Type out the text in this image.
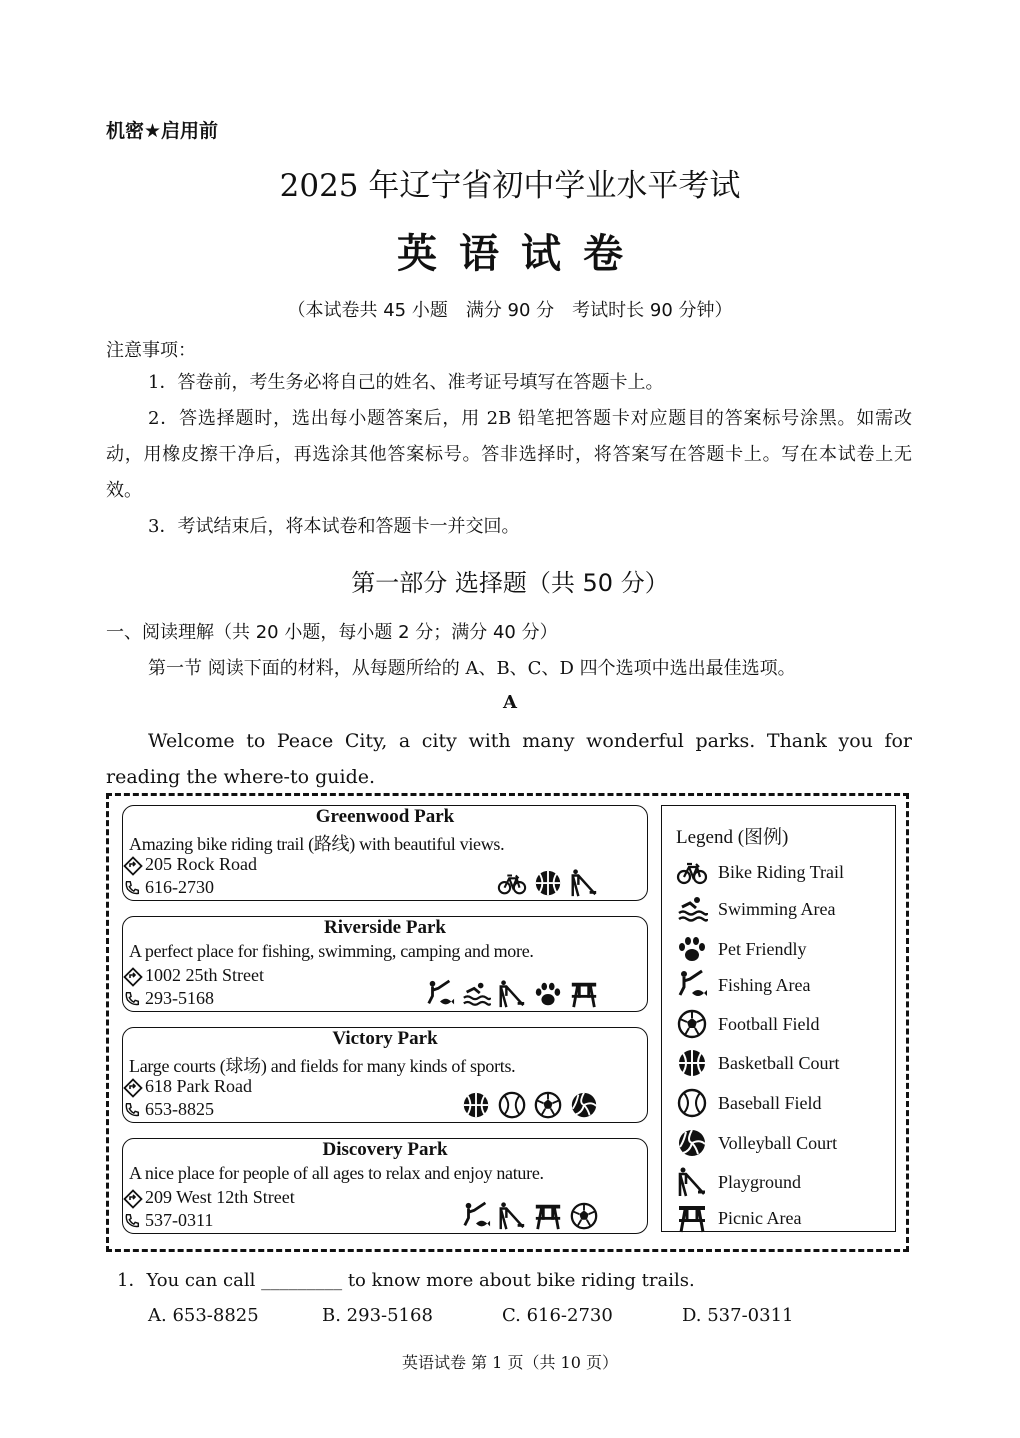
机密★启用前
2025 年辽宁省初中学业水平考试
英语试卷
（本试卷共 45 小题　满分 90 分　考试时长 90 分钟）
注意事项：
1．答卷前，考生务必将自己的姓名、准考证号填写在答题卡上。
2．答选择题时，选出每小题答案后，用 2B 铅笔把答题卡对应题目的答案标号涂黑。如需改动，用橡皮擦干净后，再选涂其他答案标号。答非选择时，将答案写在答题卡上。写在本试卷上无效。
3．考试结束后，将本试卷和答题卡一并交回。
第一部分 选择题（共 50 分）
一、阅读理解（共 20 小题，每小题 2 分；满分 40 分）
第一节 阅读下面的材料，从每题所给的 A、B、C、D 四个选项中选出最佳选项。
A
Welcome to Peace City, a city with many wonderful parks. Thank you for reading the where-to guide.
Greenwood Park
Amazing bike riding trail (路线) with beautiful views.
205 Rock Road
616-2730
Riverside Park
A perfect place for fishing, swimming, camping and more.
1002 25th Street
293-5168
Victory Park
Large courts (球场) and fields for many kinds of sports.
618 Park Road
653-8825
Discovery Park
A nice place for people of all ages to relax and enjoy nature.
209 West 12th Street
537-0311
Legend (图例)
Bike Riding Trail
Swimming Area
Pet Friendly
Fishing Area
Football Field
Basketball Court
Baseball Field
Volleyball Court
Playground
Picnic Area
1．You can call _________ to know more about bike riding trails.
A. 653-8825	B. 293-5168	C. 616-2730	D. 537-0311
英语试卷 第 1 页（共 10 页）
